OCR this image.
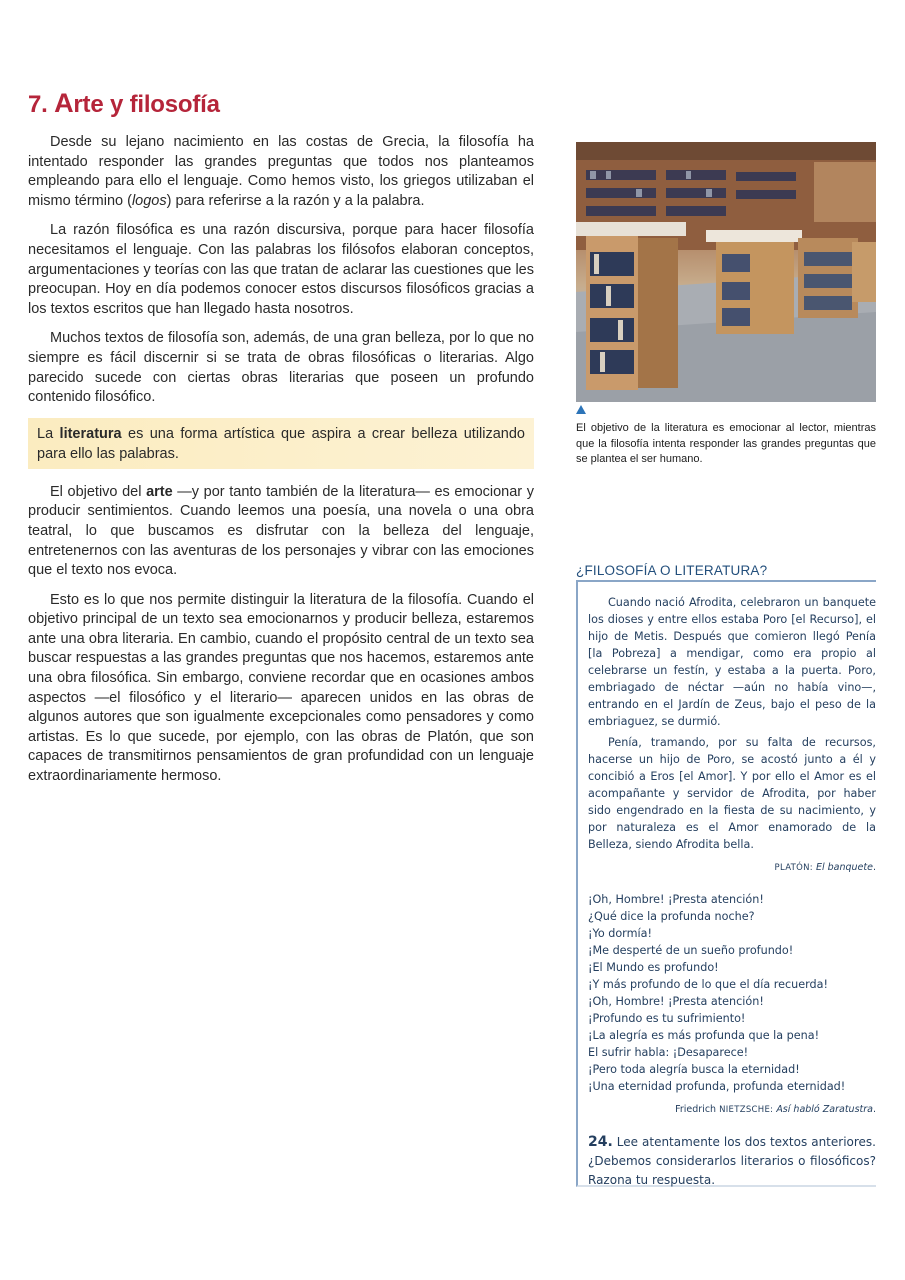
7. Arte y filosofía

Desde su lejano nacimiento en las costas de Grecia, la filosofía ha intentado responder las grandes preguntas que todos nos planteamos empleando para ello el lenguaje. Como hemos visto, los griegos utilizaban el mismo término (logos) para referirse a la razón y a la palabra.

La razón filosófica es una razón discursiva, porque para hacer filosofía necesitamos el lenguaje. Con las palabras los filósofos elaboran conceptos, argumentaciones y teorías con las que tratan de aclarar las cuestiones que les preocupan. Hoy en día podemos conocer estos discursos filosóficos gracias a los textos escritos que han llegado hasta nosotros.

Muchos textos de filosofía son, además, de una gran belleza, por lo que no siempre es fácil discernir si se trata de obras filosóficas o literarias. Algo parecido sucede con ciertas obras literarias que poseen un profundo contenido filosófico.

La literatura es una forma artística que aspira a crear belleza utilizando para ello las palabras.

El objetivo del arte —y por tanto también de la literatura— es emocionar y producir sentimientos. Cuando leemos una poesía, una novela o una obra teatral, lo que buscamos es disfrutar con la belleza del lenguaje, entretenernos con las aventuras de los personajes y vibrar con las emociones que el texto nos evoca.

Esto es lo que nos permite distinguir la literatura de la filosofía. Cuando el objetivo principal de un texto sea emocionarnos y producir belleza, estaremos ante una obra literaria. En cambio, cuando el propósito central de un texto sea buscar respuestas a las grandes preguntas que nos hacemos, estaremos ante una obra filosófica. Sin embargo, conviene recordar que en ocasiones ambos aspectos —el filosófico y el literario— aparecen unidos en las obras de algunos autores que son igualmente excepcionales como pensadores y como artistas. Es lo que sucede, por ejemplo, con las obras de Platón, que son capaces de transmitirnos pensamientos de gran profundidad con un lenguaje extraordinariamente hermoso.

El objetivo de la literatura es emocionar al lector, mientras que la filosofía intenta responder las grandes preguntas que se plantea el ser humano.
¿FILOSOFÍA O LITERATURA?

Cuando nació Afrodita, celebraron un banquete los dioses y entre ellos estaba Poro [el Recurso], el hijo de Metis. Después que comieron llegó Penía [la Pobreza] a mendigar, como era propio al celebrarse un festín, y estaba a la puerta. Poro, embriagado de néctar —aún no había vino—, entrando en el Jardín de Zeus, bajo el peso de la embriaguez, se durmió.

Penía, tramando, por su falta de recursos, hacerse un hijo de Poro, se acostó junto a él y concibió a Eros [el Amor]. Y por ello el Amor es el acompañante y servidor de Afrodita, por haber sido engendrado en la fiesta de su nacimiento, y por naturaleza es el Amor enamorado de la Belleza, siendo Afrodita bella.

PLATÓN: El banquete.
¡Oh, Hombre! ¡Presta atención!
¿Qué dice la profunda noche?
¡Yo dormía!
¡Me desperté de un sueño profundo!
¡El Mundo es profundo!
¡Y más profundo de lo que el día recuerda!
¡Oh, Hombre! ¡Presta atención!
¡Profundo es tu sufrimiento!
¡La alegría es más profunda que la pena!
El sufrir habla: ¡Desaparece!
¡Pero toda alegría busca la eternidad!
¡Una eternidad profunda, profunda eternidad!
Friedrich NIETZSCHE: Así habló Zaratustra.
24. Lee atentamente los dos textos anteriores. ¿Debemos considerarlos literarios o filosóficos? Razona tu respuesta.
